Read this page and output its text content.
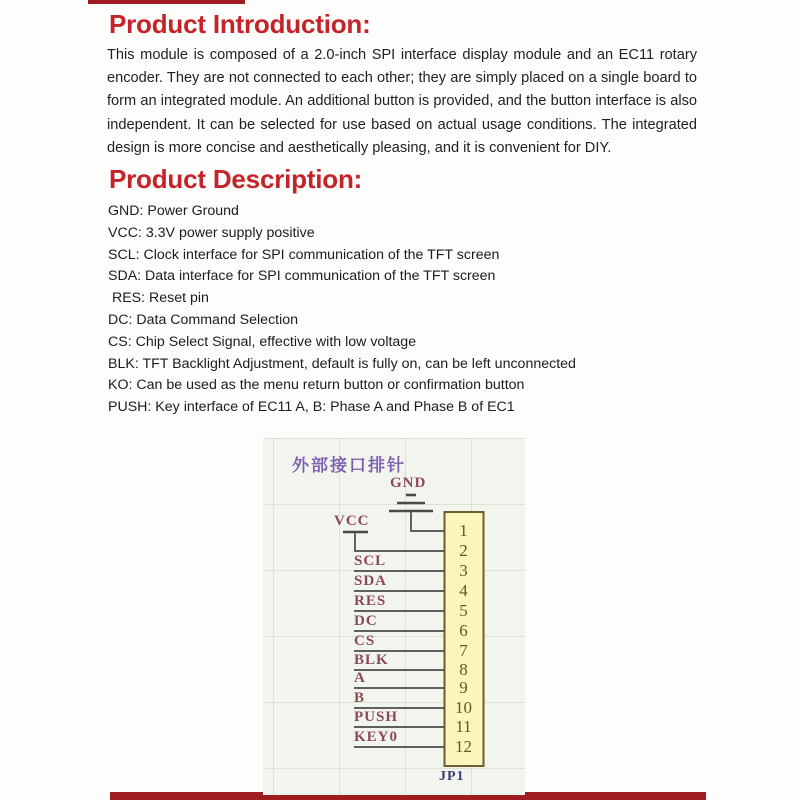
Product Introduction:
This module is composed of a 2.0-inch SPI interface display module and an EC11 rotary encoder. They are not connected to each other; they are simply placed on a single board to form an integrated module. An additional button is provided, and the button interface is also independent. It can be selected for use based on actual usage conditions. The integrated design is more concise and aesthetically pleasing, and it is convenient for DIY.
Product Description:
GND: Power Ground
VCC: 3.3V power supply positive
SCL: Clock interface for SPI communication of the TFT screen
SDA: Data interface for SPI communication of the TFT screen
RES: Reset pin
DC: Data Command Selection
CS: Chip Select Signal, effective with low voltage
BLK: TFT Backlight Adjustment, default is fully on, can be left unconnected
KO: Can be used as the menu return button or confirmation button
PUSH: Key interface of EC11 A, B: Phase A and Phase B of EC1
外部接口排针
GND
VCC
JP1
SCL
SDA
RES
DC
CS
BLK
A
B
PUSH
KEY0
1
2
3
4
5
6
7
8
9
10
11
12
